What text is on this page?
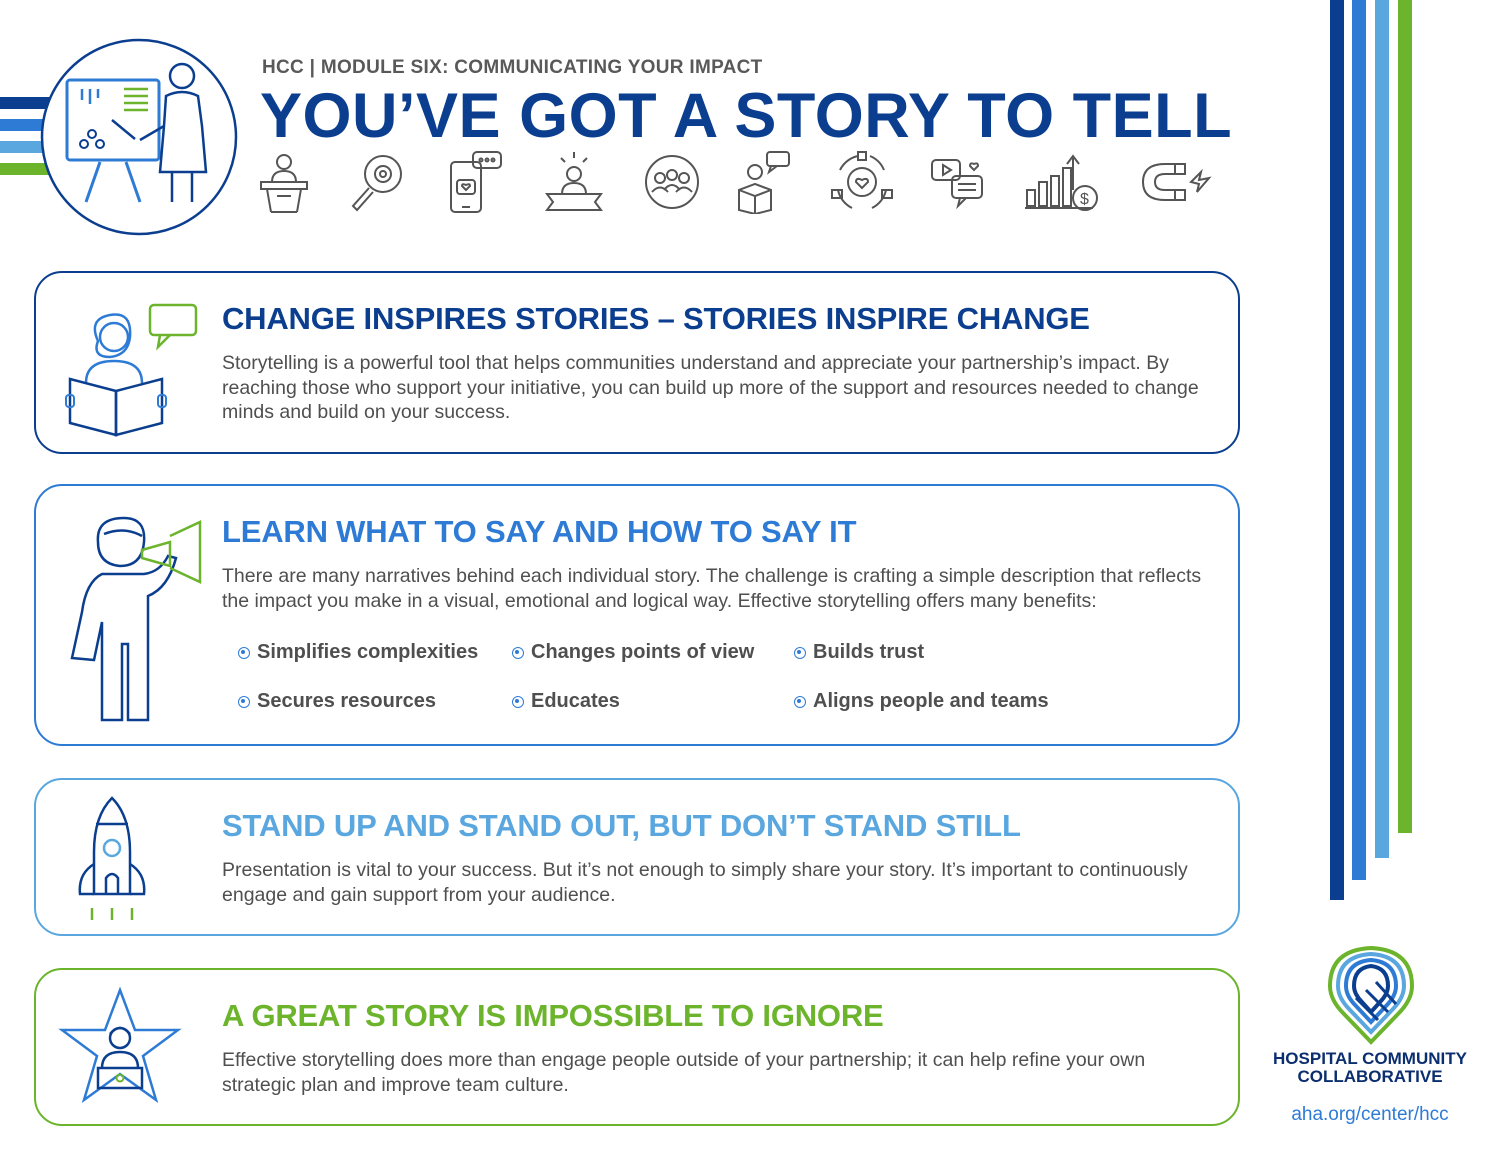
HCC | MODULE SIX: COMMUNICATING YOUR IMPACT
YOU’VE GOT A STORY TO TELL
$
CHANGE INSPIRES STORIES – STORIES INSPIRE CHANGE
Storytelling is a powerful tool that helps communities understand and appreciate your partnership’s impact. By reaching those who support your initiative, you can build up more of the support and resources needed to change minds and build on your success.
LEARN WHAT TO SAY AND HOW TO SAY IT
There are many narratives behind each individual story. The challenge is crafting a simple description that reflects the impact you make in a visual, emotional and logical way. Effective storytelling offers many benefits:
Simplifies complexities	Changes points of view	Builds trust
Secures resources	Educates	Aligns people and teams
STAND UP AND STAND OUT, BUT DON’T STAND STILL
Presentation is vital to your success. But it’s not enough to simply share your story. It’s important to continuously engage and gain support from your audience.
A GREAT STORY IS IMPOSSIBLE TO IGNORE
Effective storytelling does more than engage people outside of your partnership; it can help refine your own strategic plan and improve team culture.
HOSPITAL COMMUNITY COLLABORATIVE
aha.org/center/hcc
